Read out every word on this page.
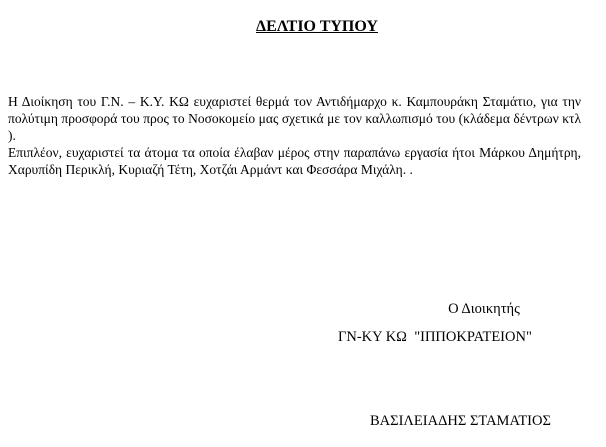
ΔΕΛΤΙΟ ΤΥΠΟΥ

Η Διοίκηση του Γ.Ν. – Κ.Υ. ΚΩ ευχαριστεί θερμά τον Αντιδήμαρχο κ. Καμπουράκη Σταμάτιο, για την πολύτιμη προσφορά του προς το Νοσοκομείο μας σχετικά με τον καλλωπισμό του (κλάδεμα δέντρων κτλ ).

Επιπλέον, ευχαριστεί τα άτομα τα οποία έλαβαν μέρος στην παραπάνω εργασία ήτοι Μάρκου Δημήτρη, Χαρυπίδη Περικλή, Κυριαζή Τέτη, Χοτζάι Αρμάντ και Φεσσάρα Μιχάλη. .

Ο Διοικητής
ΓΝ-ΚΥ ΚΩ  "ΙΠΠΟΚΡΑΤΕΙΟΝ"
ΒΑΣΙΛΕΙΑΔΗΣ ΣΤΑΜΑΤΙΟΣ
